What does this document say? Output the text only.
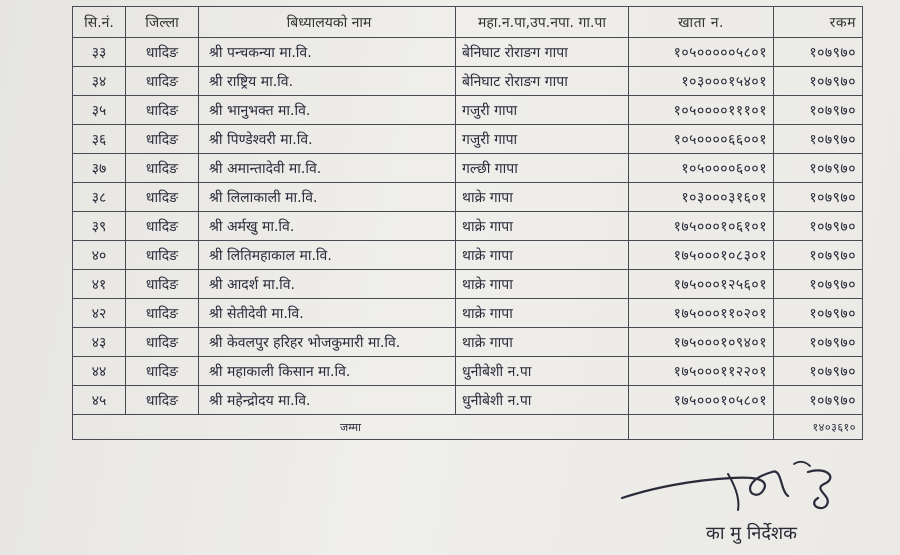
सि.नं.	जिल्ला	बिध्यालयको नाम	महा.न.पा,उप.नपा. गा.पा	खाता न.	रकम
३३	धादिङ	श्री पन्चकन्या मा.वि.	बेनिघाट रोराङग गापा	१०५०००००५८०१	१०७९७०
३४	धादिङ	श्री राष्ट्रिय मा.वि.	बेनिघाट रोराङग गापा	१०३०००१५४०१	१०७९७०
३५	धादिङ	श्री भानुभक्त मा.वि.	गजुरी गापा	१०५००००१११०१	१०७९७०
३६	धादिङ	श्री पिण्डेश्वरी मा.वि.	गजुरी गापा	१०५००००६६००१	१०७९७०
३७	धादिङ	श्री अमान्तादेवी मा.वि.	गल्छी गापा	१०५००००६००१	१०७९७०
३८	धादिङ	श्री लिलाकाली मा.वि.	थाक्रे गापा	१०३०००३१६०१	१०७९७०
३९	धादिङ	श्री अर्मखु मा.वि.	थाक्रे गापा	१७५०००१०६१०१	१०७९७०
४०	धादिङ	श्री लितिमहाकाल मा.वि.	थाक्रे गापा	१७५०००१०८३०१	१०७९७०
४१	धादिङ	श्री आदर्श मा.वि.	थाक्रे गापा	१७५०००१२५६०१	१०७९७०
४२	धादिङ	श्री सेतीदेवी मा.वि.	थाक्रे गापा	१७५०००११०२०१	१०७९७०
४३	धादिङ	श्री केवलपुर हरिहर भोजकुमारी मा.वि.	थाक्रे गापा	१७५०००१०९४०१	१०७९७०
४४	धादिङ	श्री महाकाली किसान मा.वि.	धुनीबेशी न.पा	१७५०००११२२०१	१०७९७०
४५	धादिङ	श्री महेन्द्रोदय मा.वि.	धुनीबेशी न.पा	१७५०००१०५८०१	१०७९७०
जम्मा					१४०३६१०
का मु निर्देशक
